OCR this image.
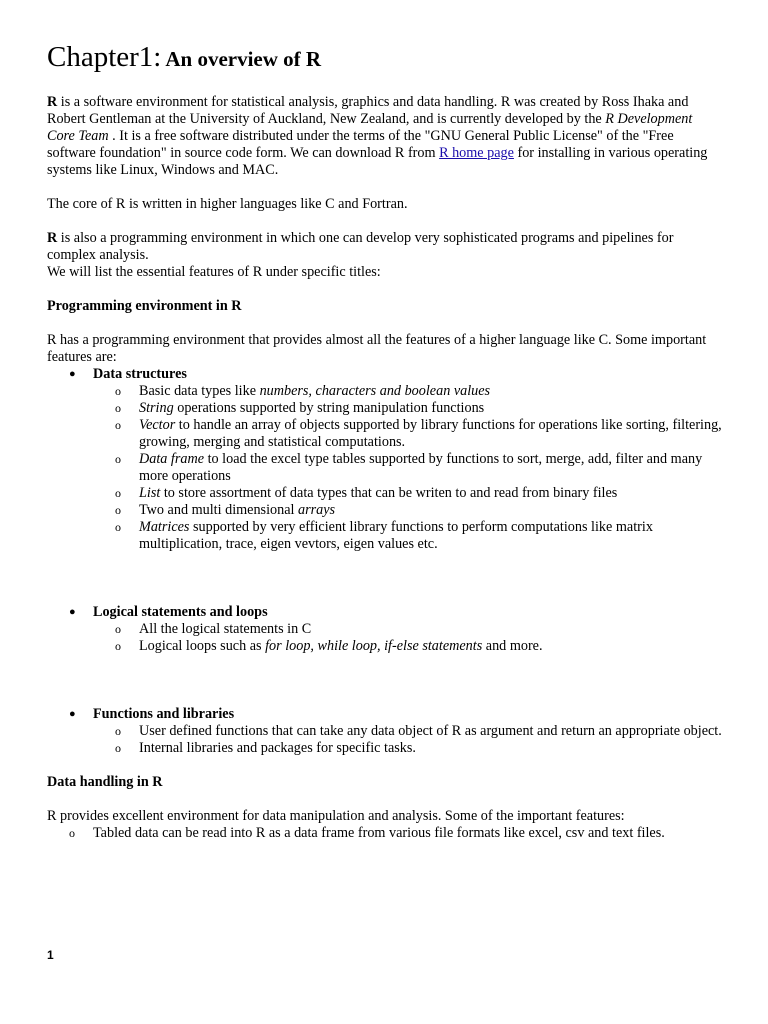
Chapter1: An overview of R

R is a software environment for statistical analysis, graphics and data handling. R was created by Ross Ihaka and Robert Gentleman at the University of Auckland, New Zealand, and is currently developed by the R Development Core Team . It is a free software distributed under the terms of the "GNU General Public License" of the "Free software foundation" in source code form. We can download R from R home page for installing in various operating systems like Linux, Windows and MAC.

The core of R is written in higher languages like C and Fortran.

R is also a programming environment in which one can develop very sophisticated programs and pipelines for complex analysis.

We will list the essential features of R under specific titles:

Programming environment in R

R has a programming environment that provides almost all the features of a higher language like C. Some important features are:

● Data structures
o Basic data types like numbers, characters and boolean values
o String operations supported by string manipulation functions
o Vector to handle an array of objects supported by library functions for operations like sorting, filtering, growing, merging and statistical computations.
o Data frame to load the excel type tables supported by functions to sort, merge, add, filter and many more operations
o List to store assortment of data types that can be writen to and read from binary files
o Two and multi dimensional arrays
o Matrices supported by very efficient library functions to perform computations like matrix multiplication, trace, eigen vevtors, eigen values etc.
● Logical statements and loops
o All the logical statements in C
o Logical loops such as for loop, while loop, if-else statements and more.
● Functions and libraries
o User defined functions that can take any data object of R as argument and return an appropriate object.
o Internal libraries and packages for specific tasks.
Data handling in R

R provides excellent environment for data manipulation and analysis. Some of the important features:

o Tabled data can be read into R as a data frame from various file formats like excel, csv and text files.
1
